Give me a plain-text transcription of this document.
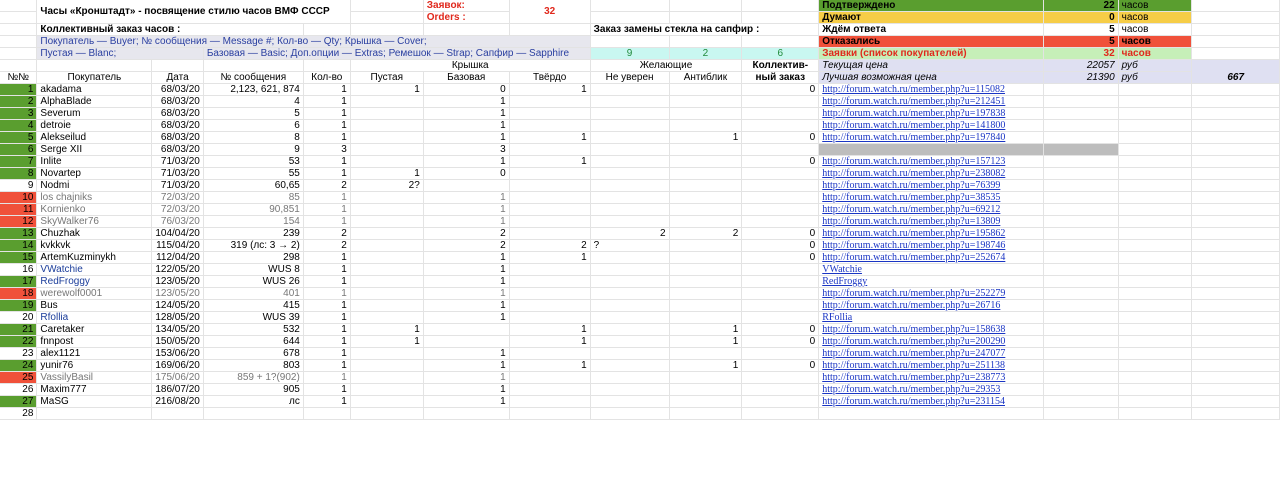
	Часы «Кронштадт» - посвящение стилю часов ВМФ СССР					Заявок:	32				Подтверждено	22	часов	
						Orders :					Думают	0	часов	
	Коллективный заказ часов :							Заказ замены стекла на сапфир :			Ждём ответа	5	часов	
	Покупатель — Buyer; № сообщения — Message #; Кол-во — Qty; Крышка — Cover;										Отказались	5	часов	
	Пустая — Blanc;		Базовая — Basic; Доп.опции — Extras; Ремешок — Strap; Сапфир — Sapphire					9	2	6	Заявки (список покупателей)	32	часов	
					Крышка			Желающие		Коллектив-	Текущая цена	22057	руб	667
№№	Покупатель	Дата	№ сообщения	Кол-во	Пустая	Базовая	Твёрдо	Не уверен	Антиблик	ный заказ	Лучшая возможная цена	21390	руб	
1	akadama	68/03/20	2,123, 621, 874	1	1	0	1			0	http://forum.watch.ru/member.php?u=115082			
2	AlphaBlade	68/03/20	4	1		1					http://forum.watch.ru/member.php?u=212451			
3	Severum	68/03/20	5	1		1					http://forum.watch.ru/member.php?u=197838			
4	detroie	68/03/20	6	1		1					http://forum.watch.ru/member.php?u=141800			
5	Alekseilud	68/03/20	8	1		1	1		1	0	http://forum.watch.ru/member.php?u=197840			
6	Serge XII	68/03/20	9	3		3								
7	Inlite	71/03/20	53	1		1	1			0	http://forum.watch.ru/member.php?u=157123			
8	Novartep	71/03/20	55	1	1	0					http://forum.watch.ru/member.php?u=238082			
9	Nodmi	71/03/20	60,65	2	2?						http://forum.watch.ru/member.php?u=76399			
10	los chajniks	72/03/20	85	1		1					http://forum.watch.ru/member.php?u=38535			
11	Kornienko	72/03/20	90,851	1		1					http://forum.watch.ru/member.php?u=69212			
12	SkyWalker76	76/03/20	154	1		1					http://forum.watch.ru/member.php?u=13809			
13	Chuzhak	104/04/20	239	2		2		2	2	0	http://forum.watch.ru/member.php?u=195862			
14	kvkkvk	115/04/20	319 (лс: 3 → 2)	2		2	2	?		0	http://forum.watch.ru/member.php?u=198746			
15	ArtemKuzminykh	112/04/20	298	1		1	1			0	http://forum.watch.ru/member.php?u=252674			
16	VWatchie	122/05/20	WUS 8	1		1					VWatchie			
17	RedFroggy	123/05/20	WUS 26	1		1					RedFroggy			
18	werewolf0001	123/05/20	401	1		1					http://forum.watch.ru/member.php?u=252279			
19	Bus	124/05/20	415	1		1					http://forum.watch.ru/member.php?u=26716			
20	Rfollia	128/05/20	WUS 39	1		1					RFollia			
21	Caretaker	134/05/20	532	1	1		1		1	0	http://forum.watch.ru/member.php?u=158638			
22	fnnpost	150/05/20	644	1	1		1		1	0	http://forum.watch.ru/member.php?u=200290			
23	alex1121	153/06/20	678	1		1					http://forum.watch.ru/member.php?u=247077			
24	yunir76	169/06/20	803	1		1	1		1	0	http://forum.watch.ru/member.php?u=251138			
25	VassilyBasil	175/06/20	859 + 1?(902)	1		1					http://forum.watch.ru/member.php?u=238773			
26	Maxim777	186/07/20	905	1		1					http://forum.watch.ru/member.php?u=29353			
27	MaSG	216/08/20	лс	1		1					http://forum.watch.ru/member.php?u=231154			
28														
